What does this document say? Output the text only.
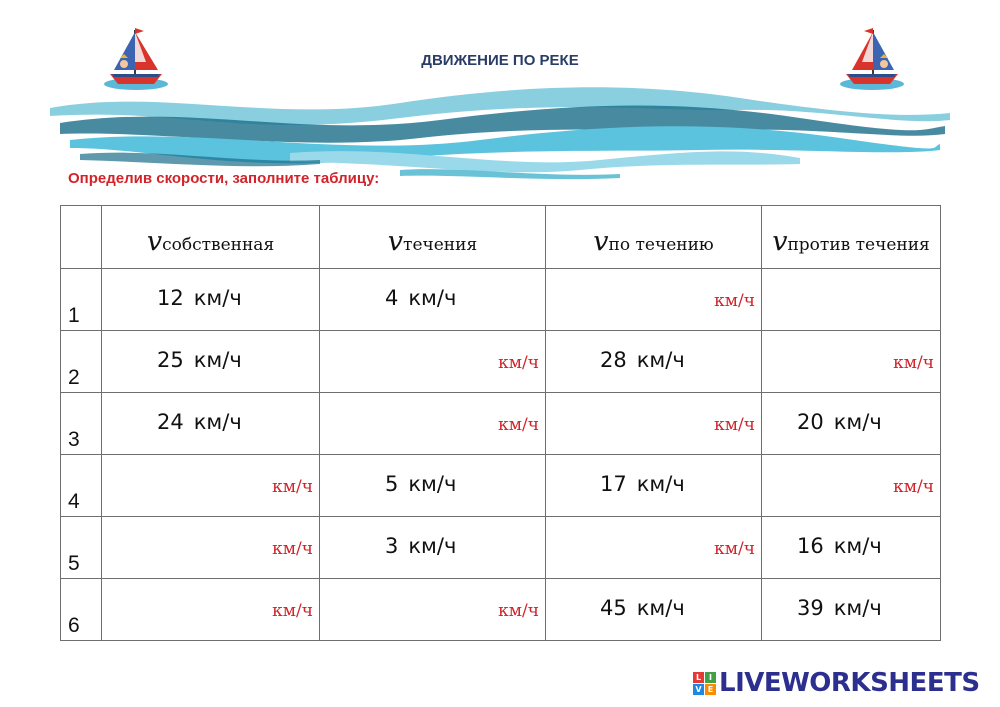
ДВИЖЕНИЕ ПО РЕКЕ
Определив скорости, заполните таблицу:

	vсобственная	vтечения	vпо течению	vпротив течения

1	12 км/ч	4 км/ч	км/ч	

2	25 км/ч	км/ч	28 км/ч	км/ч

3	24 км/ч	км/ч	км/ч	20 км/ч

4	км/ч	5 км/ч	17 км/ч	км/ч

5	км/ч	3 км/ч	км/ч	16 км/ч

6	км/ч	км/ч	45 км/ч	39 км/ч
L I
V E LIVEWORKSHEETS
